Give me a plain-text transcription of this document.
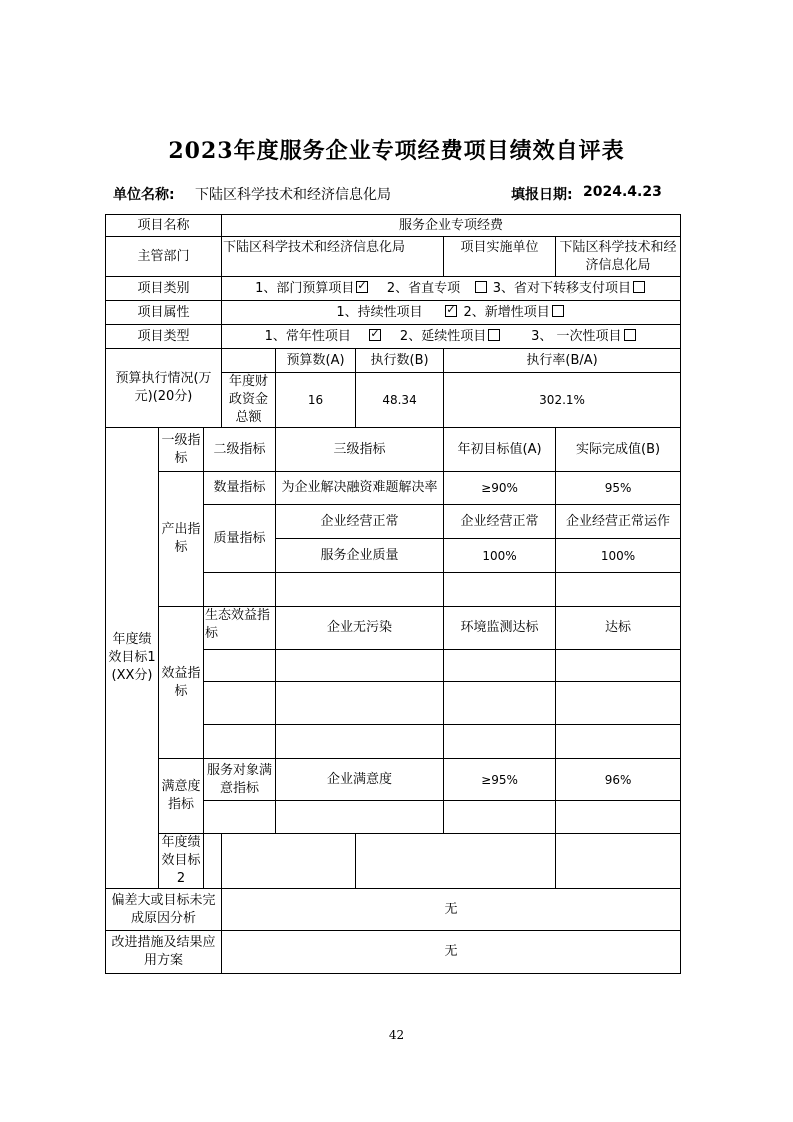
2023年度服务企业专项经费项目绩效自评表
单位名称: 下陆区科学技术和经济信息化局	填报日期: 2024.4.23
项目名称			服务企业专项经费					
主管部门			下陆区科学技术和经济信息化局			项目实施单位	下陆区科学技术和经济信息化局	
项目类别			1、部门预算项目 ✓ 2、省直专项 3、省对下转移支付项目
项目属性			1、持续性项目 ✓ 2、新增性项目
项目类型			1、常年性项目 ✓ 2、延续性项目 3、 一次性项目
预算执行情况(万元)(20分)				预算数(A)	执行数(B)	执行率(B/A)		
			年度财政资金总额	16	48.34	302.1%		
年度绩效目标1(XX分)	一级指标	二级指标		三级指标		年初目标值(A)	实际完成值(B)	
	产出指标	数量指标		为企业解决融资难题解决率		≥90%	95%	
		质量指标		企业经营正常		企业经营正常	企业经营正常运作	
				服务企业质量		100%	100%	

	效益指标	生态效益指标		企业无污染		环境监测达标	达标	

	满意度指标	服务对象满意指标		企业满意度		≥95%	96%	

	年度绩效目标2							
偏差大或目标未完成原因分析			无					
改进措施及结果应用方案			无					
42
